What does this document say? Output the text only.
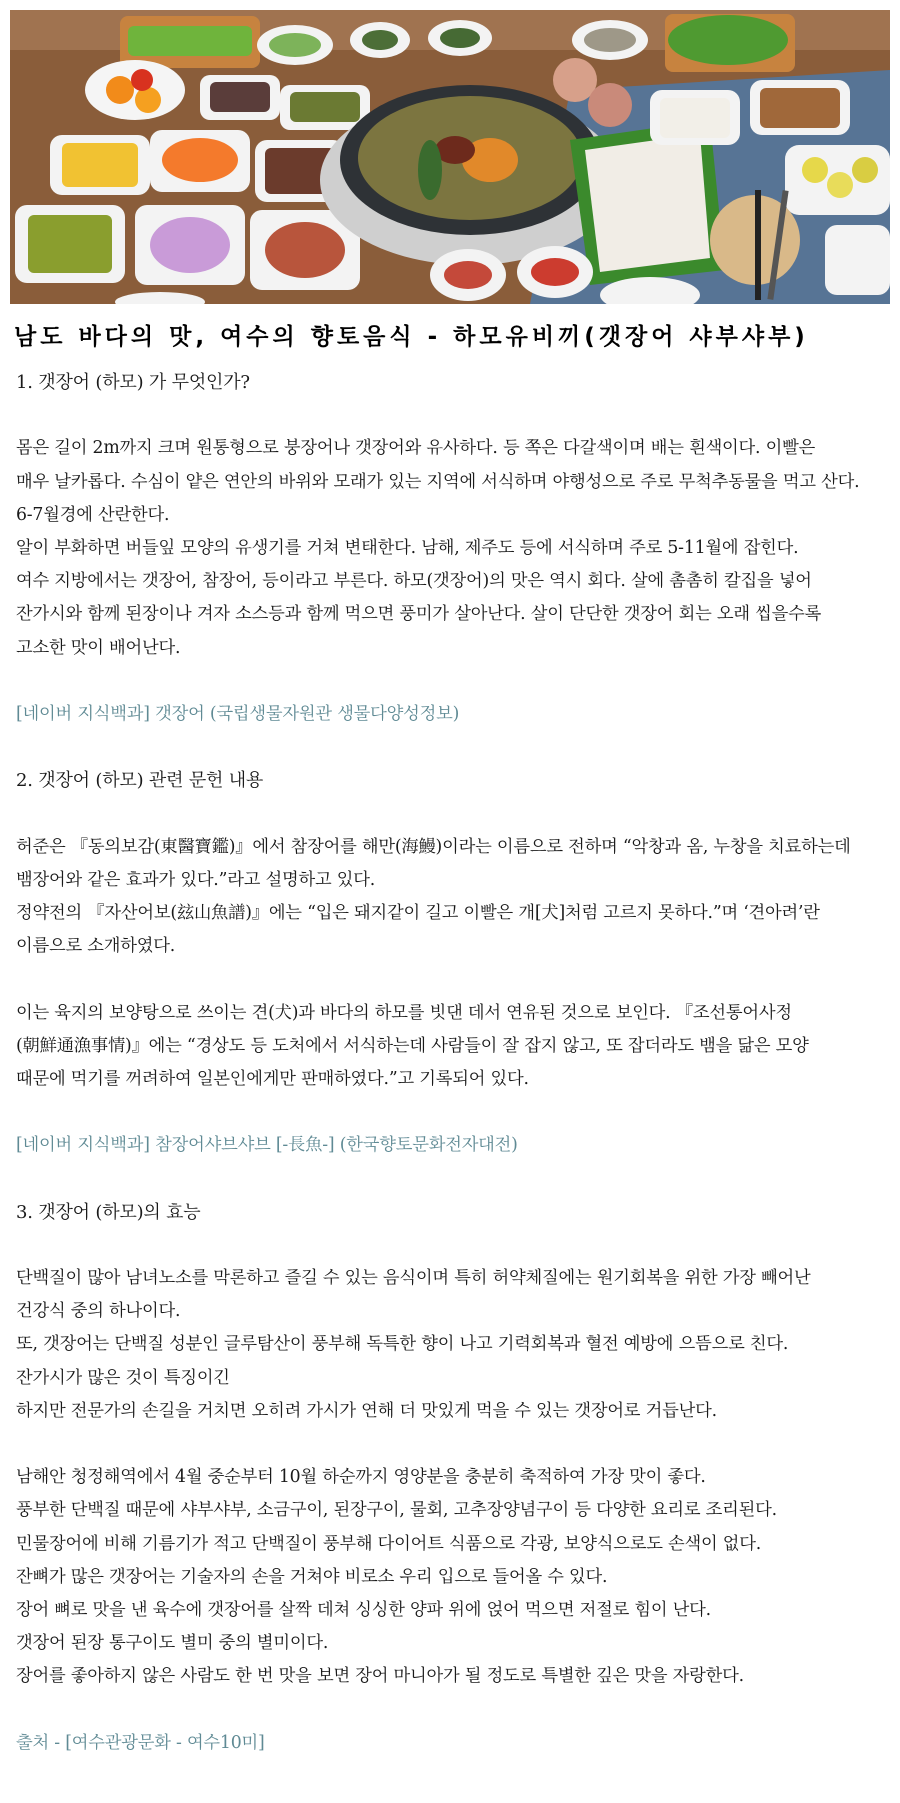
남도 바다의 맛, 여수의 향토음식 - 하모유비끼(갯장어 샤부샤부)
1. 갯장어 (하모) 가 무엇인가?
몸은 길이 2m까지 크며 원통형으로 붕장어나 갯장어와 유사하다. 등 쪽은 다갈색이며 배는 흰색이다. 이빨은
매우 날카롭다. 수심이 얕은 연안의 바위와 모래가 있는 지역에 서식하며 야행성으로 주로 무척추동물을 먹고 산다.
6-7월경에 산란한다.
알이 부화하면 버들잎 모양의 유생기를 거쳐 변태한다. 남해, 제주도 등에 서식하며 주로 5-11월에 잡힌다.
여수 지방에서는 갯장어, 참장어, 등이라고 부른다. 하모(갯장어)의 맛은 역시 회다. 살에 촘촘히 칼집을 넣어
잔가시와 함께 된장이나 겨자 소스등과 함께 먹으면 풍미가 살아난다. 살이 단단한 갯장어 회는 오래 씹을수록
고소한 맛이 배어난다.
[네이버 지식백과] 갯장어 (국립생물자원관 생물다양성정보)
2. 갯장어 (하모) 관련 문헌 내용
허준은 『동의보감(東醫寶鑑)』에서 참장어를 해만(海鰻)이라는 이름으로 전하며 “악창과 옴, 누창을 치료하는데
뱀장어와 같은 효과가 있다.”라고 설명하고 있다.
정약전의 『자산어보(玆山魚譜)』에는 “입은 돼지같이 길고 이빨은 개[犬]처럼 고르지 못하다.”며 ‘견아려’란
이름으로 소개하였다.
이는 육지의 보양탕으로 쓰이는 견(犬)과 바다의 하모를 빗댄 데서 연유된 것으로 보인다. 『조선통어사정
(朝鮮通漁事情)』에는 “경상도 등 도처에서 서식하는데 사람들이 잘 잡지 않고, 또 잡더라도 뱀을 닮은 모양
때문에 먹기를 꺼려하여 일본인에게만 판매하였다.”고 기록되어 있다.
[네이버 지식백과] 참장어샤브샤브 [-長魚-] (한국향토문화전자대전)
3. 갯장어 (하모)의 효능
단백질이 많아 남녀노소를 막론하고 즐길 수 있는 음식이며 특히 허약체질에는 원기회복을 위한 가장 빼어난
건강식 중의 하나이다.
또, 갯장어는 단백질 성분인 글루탐산이 풍부해 독특한 향이 나고 기력회복과 혈전 예방에 으뜸으로 친다.
잔가시가 많은 것이 특징이긴
하지만 전문가의 손길을 거치면 오히려 가시가 연해 더 맛있게 먹을 수 있는 갯장어로 거듭난다.
남해안 청정해역에서 4월 중순부터 10월 하순까지 영양분을 충분히 축적하여 가장 맛이 좋다.
풍부한 단백질 때문에 샤부샤부, 소금구이, 된장구이, 물회, 고추장양념구이 등 다양한 요리로 조리된다.
민물장어에 비해 기름기가 적고 단백질이 풍부해 다이어트 식품으로 각광, 보양식으로도 손색이 없다.
잔뼈가 많은 갯장어는 기술자의 손을 거쳐야 비로소 우리 입으로 들어올 수 있다.
장어 뼈로 맛을 낸 육수에 갯장어를 살짝 데쳐 싱싱한 양파 위에 얹어 먹으면 저절로 힘이 난다.
갯장어 된장 통구이도 별미 중의 별미이다.
장어를 좋아하지 않은 사람도 한 번 맛을 보면 장어 마니아가 될 정도로 특별한 깊은 맛을 자랑한다.
출처 - [여수관광문화 - 여수10미]
